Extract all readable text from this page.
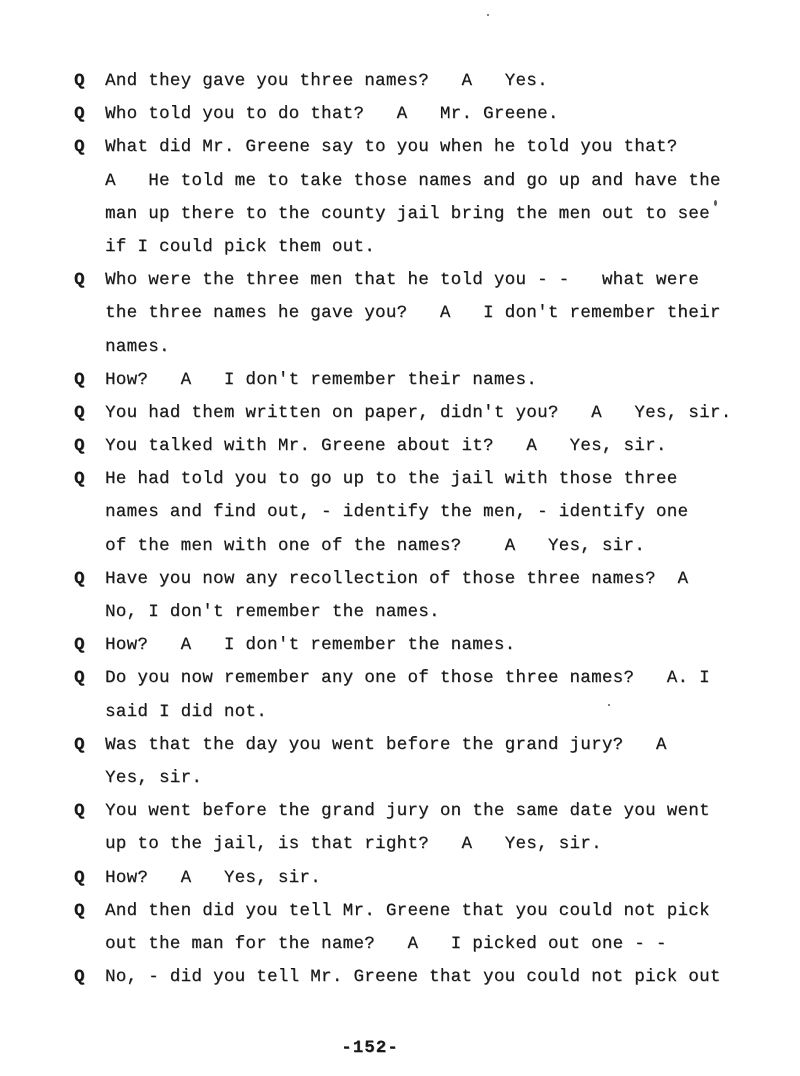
Q	And they gave you three names?   A   Yes.
Q	Who told you to do that?   A   Mr. Greene.
Q	What did Mr. Greene say to you when he told you that?
A   He told me to take those names and go up and have the
man up there to the county jail bring the men out to see
if I could pick them out.
Q	Who were the three men that he told you - -   what were
the three names he gave you?   A   I don't remember their
names.
Q	How?   A   I don't remember their names.
Q	You had them written on paper, didn't you?   A   Yes, sir.
Q	You talked with Mr. Greene about it?   A   Yes, sir.
Q	He had told you to go up to the jail with those three
names and find out, - identify the men, - identify one
of the men with one of the names?    A   Yes, sir.
Q	Have you now any recollection of those three names?  A
No, I don't remember the names.
Q	How?   A   I don't remember the names.
Q	Do you now remember any one of those three names?   A. I
said I did not.
Q	Was that the day you went before the grand jury?   A
Yes, sir.
Q	You went before the grand jury on the same date you went
up to the jail, is that right?   A   Yes, sir.
Q	How?   A   Yes, sir.
Q	And then did you tell Mr. Greene that you could not pick
out the man for the name?   A   I picked out one - -
Q	No, - did you tell Mr. Greene that you could not pick out
-152-
